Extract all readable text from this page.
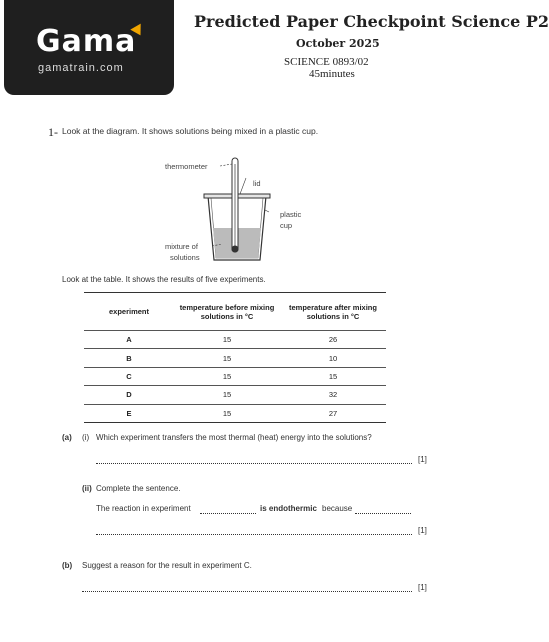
Gama
gamatrain.com
Predicted Paper Checkpoint Science P2
October 2025
SCIENCE 0893/02
45minutes
1- Look at the diagram. It shows solutions being mixed in a plastic cup.
thermometer
lid
plastic
cup
mixture of
solutions
Look at the table. It shows the results of five experiments.
experiment	temperature before mixing solutions in °C	temperature after mixing solutions in °C
A	15	26
B	15	10
C	15	15
D	15	32
E	15	27
(a) (i) Which experiment transfers the most thermal (heat) energy into the solutions?
[1]
(ii) Complete the sentence.
The reaction in experiment	is endothermic because
[1]
(b) Suggest a reason for the result in experiment C.
[1]
